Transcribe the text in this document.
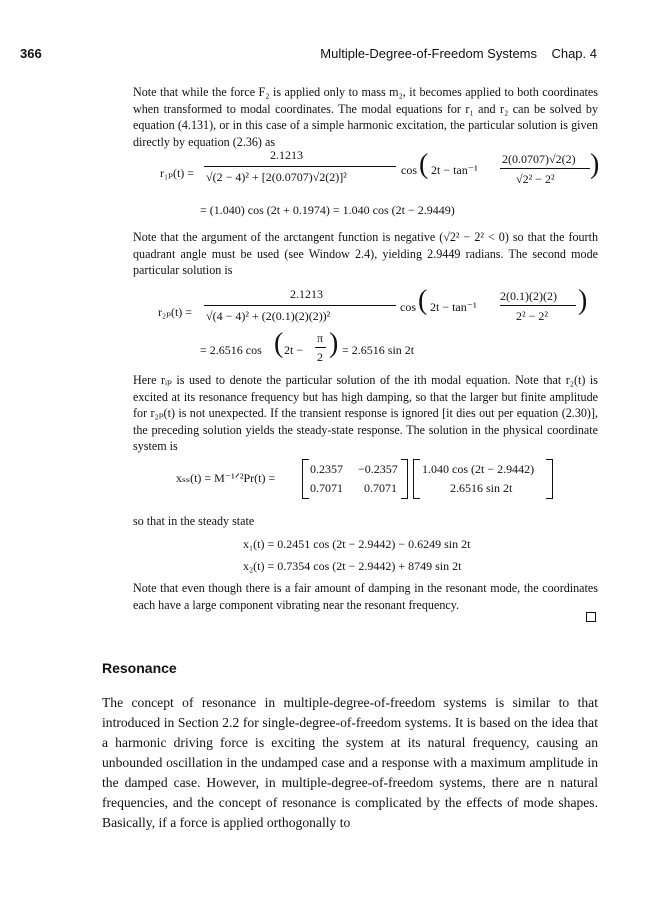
366	Multiple-Degree-of-Freedom Systems Chap. 4
Note that while the force F₂ is applied only to mass m₂, it becomes applied to both coordinates when transformed to modal coordinates. The modal equations for r₁ and r₂ can be solved by equation (4.131), or in this case of a simple harmonic excitation, the particular solution is given directly by equation (2.36) as
r₁ₚ(t) =
2.1213
√(2 − 4)² + [2(0.0707)√2(2)]²	cos ( 2t − tan⁻¹
2(0.0707)√2(2)
√2² − 2² )
= (1.040) cos (2t + 0.1974) = 1.040 cos (2t − 2.9449)
Note that the argument of the arctangent function is negative (√2² − 2² < 0) so that the fourth quadrant angle must be used (see Window 2.4), yielding 2.9449 radians. The second mode particular solution is
r₂ₚ(t) =
2.1213
√(4 − 4)² + (2(0.1)(2)(2))²
cos ( 2t − tan⁻¹
2(0.1)(2)(2)
2² − 2² )
= 2.6516 cos ( 2t −
π
2 ) = 2.6516 sin 2t
Here rᵢₚ is used to denote the particular solution of the ith modal equation. Note that r₂(t) is excited at its resonance frequency but has high damping, so that the larger but finite amplitude for r₂ₚ(t) is not unexpected. If the transient response is ignored [it dies out per equation (2.30)], the preceding solution yields the steady-state response. The solution in the physical coordinate system is
xₛₛ(t) = M⁻¹ᐟ²Pr(t) =
0.2357 −0.2357
0.7071 0.7071
1.040 cos (2t − 2.9442)
2.6516 sin 2t
so that in the steady state
x₁(t) = 0.2451 cos (2t − 2.9442) − 0.6249 sin 2t
x₂(t) = 0.7354 cos (2t − 2.9442) + 8749 sin 2t
Note that even though there is a fair amount of damping in the resonant mode, the coordinates each have a large component vibrating near the resonant frequency.
Resonance
The concept of resonance in multiple-degree-of-freedom systems is similar to that introduced in Section 2.2 for single-degree-of-freedom systems. It is based on the idea that a harmonic driving force is exciting the system at its natural frequency, causing an unbounded oscillation in the undamped case and a response with a maximum amplitude in the damped case. However, in multiple-degree-of-freedom systems, there are n natural frequencies, and the concept of resonance is complicated by the effects of mode shapes. Basically, if a force is applied orthogonally to
